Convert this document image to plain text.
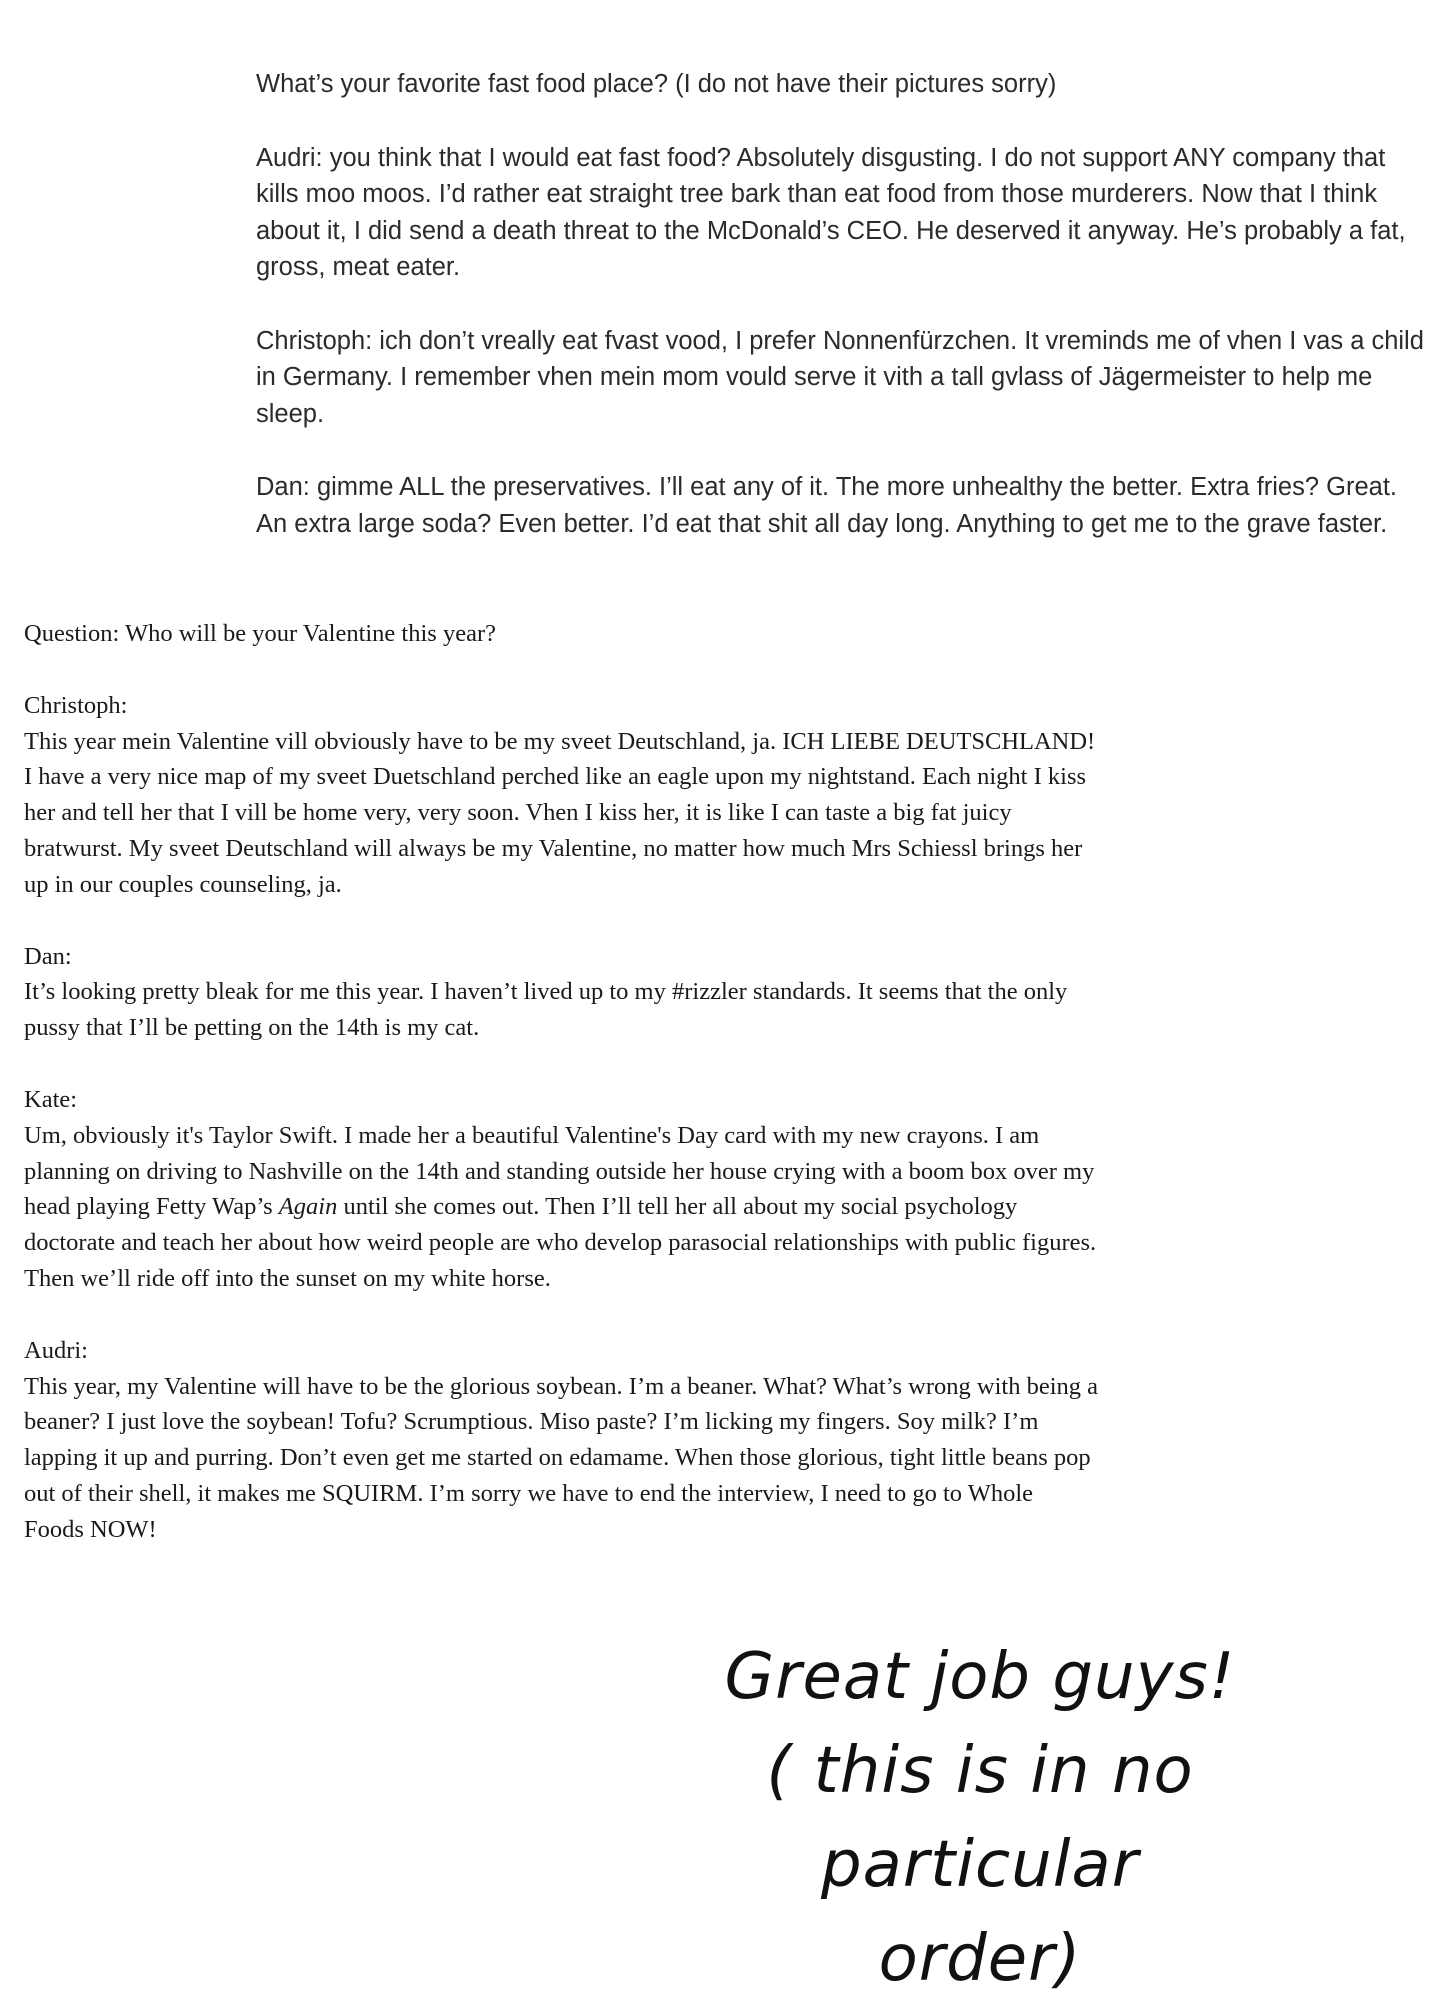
What’s your favorite fast food place? (I do not have their pictures sorry)

Audri: you think that I would eat fast food? Absolutely disgusting. I do not support ANY company that kills moo moos. I’d rather eat straight tree bark than eat food from those murderers. Now that I think about it, I did send a death threat to the McDonald’s CEO. He deserved it anyway. He’s probably a fat, gross, meat eater.

Christoph: ich don’t vreally eat fvast vood, I prefer Nonnenfürzchen. It vreminds me of vhen I vas a child in Germany. I remember vhen mein mom vould serve it vith a tall gvlass of Jägermeister to help me sleep.

Dan: gimme ALL the preservatives. I’ll eat any of it. The more unhealthy the better. Extra fries? Great. An extra large soda? Even better. I’d eat that shit all day long. Anything to get me to the grave faster.

Question: Who will be your Valentine this year?
Christoph:
This year mein Valentine vill obviously have to be my sveet Deutschland, ja. ICH LIEBE DEUTSCHLAND! I have a very nice map of my sveet Duetschland perched like an eagle upon my nightstand. Each night I kiss her and tell her that I vill be home very, very soon. Vhen I kiss her, it is like I can taste a big fat juicy bratwurst. My sveet Deutschland will always be my Valentine, no matter how much Mrs Schiessl brings her up in our couples counseling, ja.
Dan:
It’s looking pretty bleak for me this year. I haven’t lived up to my #rizzler standards. It seems that the only pussy that I’ll be petting on the 14th is my cat.
Kate:
Um, obviously it's Taylor Swift. I made her a beautiful Valentine's Day card with my new crayons. I am planning on driving to Nashville on the 14th and standing outside her house crying with a boom box over my head playing Fetty Wap’s Again until she comes out. Then I’ll tell her all about my social psychology doctorate and teach her about how weird people are who develop parasocial relationships with public figures. Then we’ll ride off into the sunset on my white horse.
Audri:
This year, my Valentine will have to be the glorious soybean. I’m a beaner. What? What’s wrong with being a beaner? I just love the soybean! Tofu? Scrumptious. Miso paste? I’m licking my fingers. Soy milk? I’m lapping it up and purring. Don’t even get me started on edamame. When those glorious, tight little beans pop out of their shell, it makes me SQUIRM. I’m sorry we have to end the interview, I need to go to Whole Foods NOW!
Great job guys!
( this is in no
particular order)
